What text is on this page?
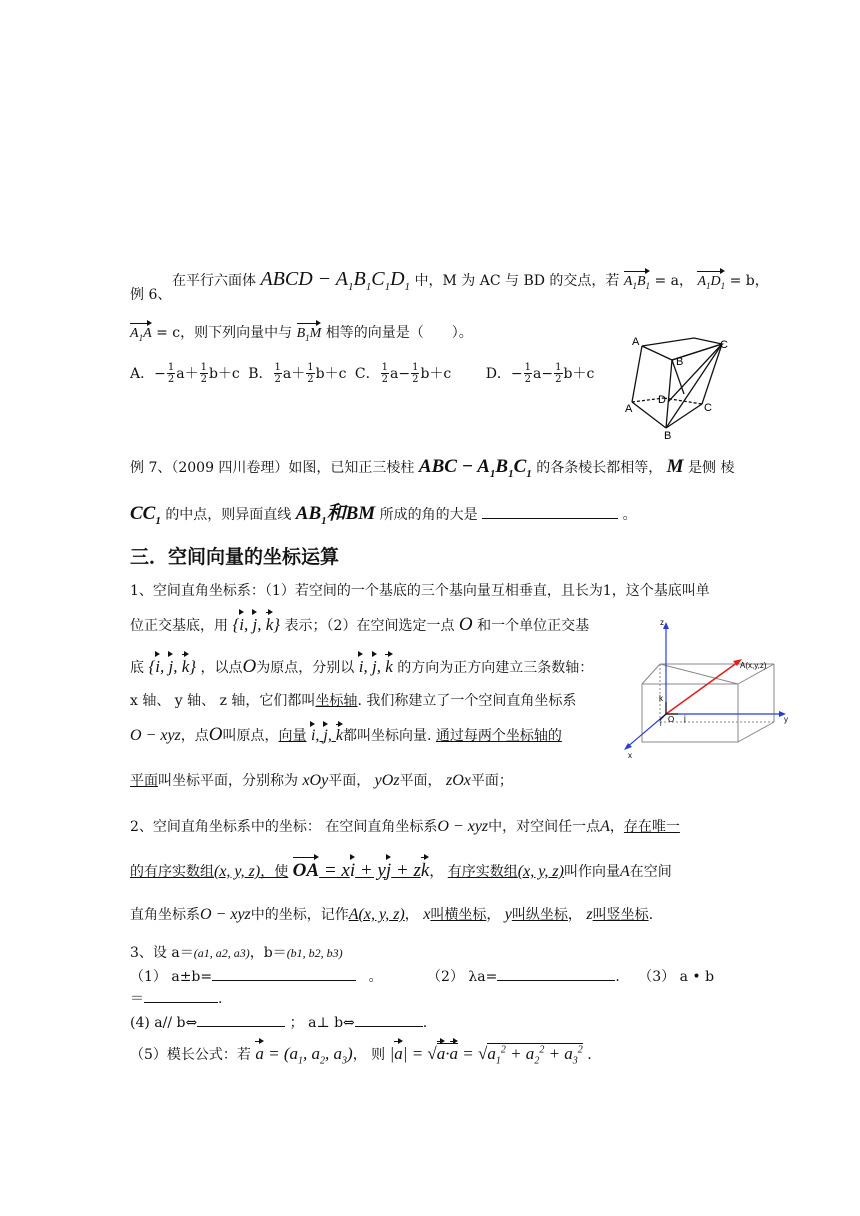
在平行六面体 ABCD − $A_1B_1C_1D_1$ 中，M 为 AC 与 BD 的交点，若 $A_1B_1 = a$， $A_1D_1 = b$，
例 6、
$A_1A = c$，则下列向量中与 $B_1M$ 相等的向量是（　　）。
A．− $\frac{1}{2} a+ \frac{1}{2} b+c$ B． $\frac{1}{2} a+ \frac{1}{2} b+c$ C． $\frac{1}{2} a- \frac{1}{2} b+c$ D．− $\frac{1}{2} a- \frac{1}{2} b+c$
A
B
C
D
A	C
B
例 7、（2009 四川卷理）如图，已知正三棱柱 ABC − $A_1B_1C_1$ 的各条棱长都相等， M 是侧 棱
$CC_1$ 的中点，则异面直线 $AB_1$和BM 所成的角的大是	。
三．空间向量的坐标运算
1、空间直角坐标系：（1）若空间的一个基底的三个基向量互相垂直，且长为1，这个基底叫单
位正交基底，用 {i, j, k} 表示；（2）在空间选定一点 O 和一个单位正交基
底 {i, j, k} ，以点O为原点，分别以 i, j, k 的方向为正方向建立三条数轴：
x 轴、 y 轴、 z 轴，它们都叫坐标轴. 我们称建立了一个空间直角坐标系
O − xyz，点O叫原点，向量 i, j, k都叫坐标向量. 通过每两个坐标轴的
平面叫坐标平面，分别称为 xOy平面， yOz平面， zOx平面；
z
y
x
k
i
j
O
A(x,y,z)
2、空间直角坐标系中的坐标： 在空间直角坐标系O − xyz中，对空间任一点A，存在唯一
的有序实数组(x, y, z)，使 OA = xi + yj + zk， 有序实数组(x, y, z)叫作向量A在空间
直角坐标系O − xyz中的坐标，记作A(x, y, z)， x叫横坐标， y叫纵坐标， z叫竖坐标.
3、设 a＝(a1, a2, a3)，b＝(b1, b2, b3)
（1） a±b=	。	（2） λa=	. （3） a • b
＝	.
(4) a// b⇔	； a⊥ b⇔	.
（5）模长公式：若 $a = (a_1$, $a_2$, $a_3$)， 则 $|a| = √a\cdot a = √a_1^2 + a_2^2 + a_3^2$ .
